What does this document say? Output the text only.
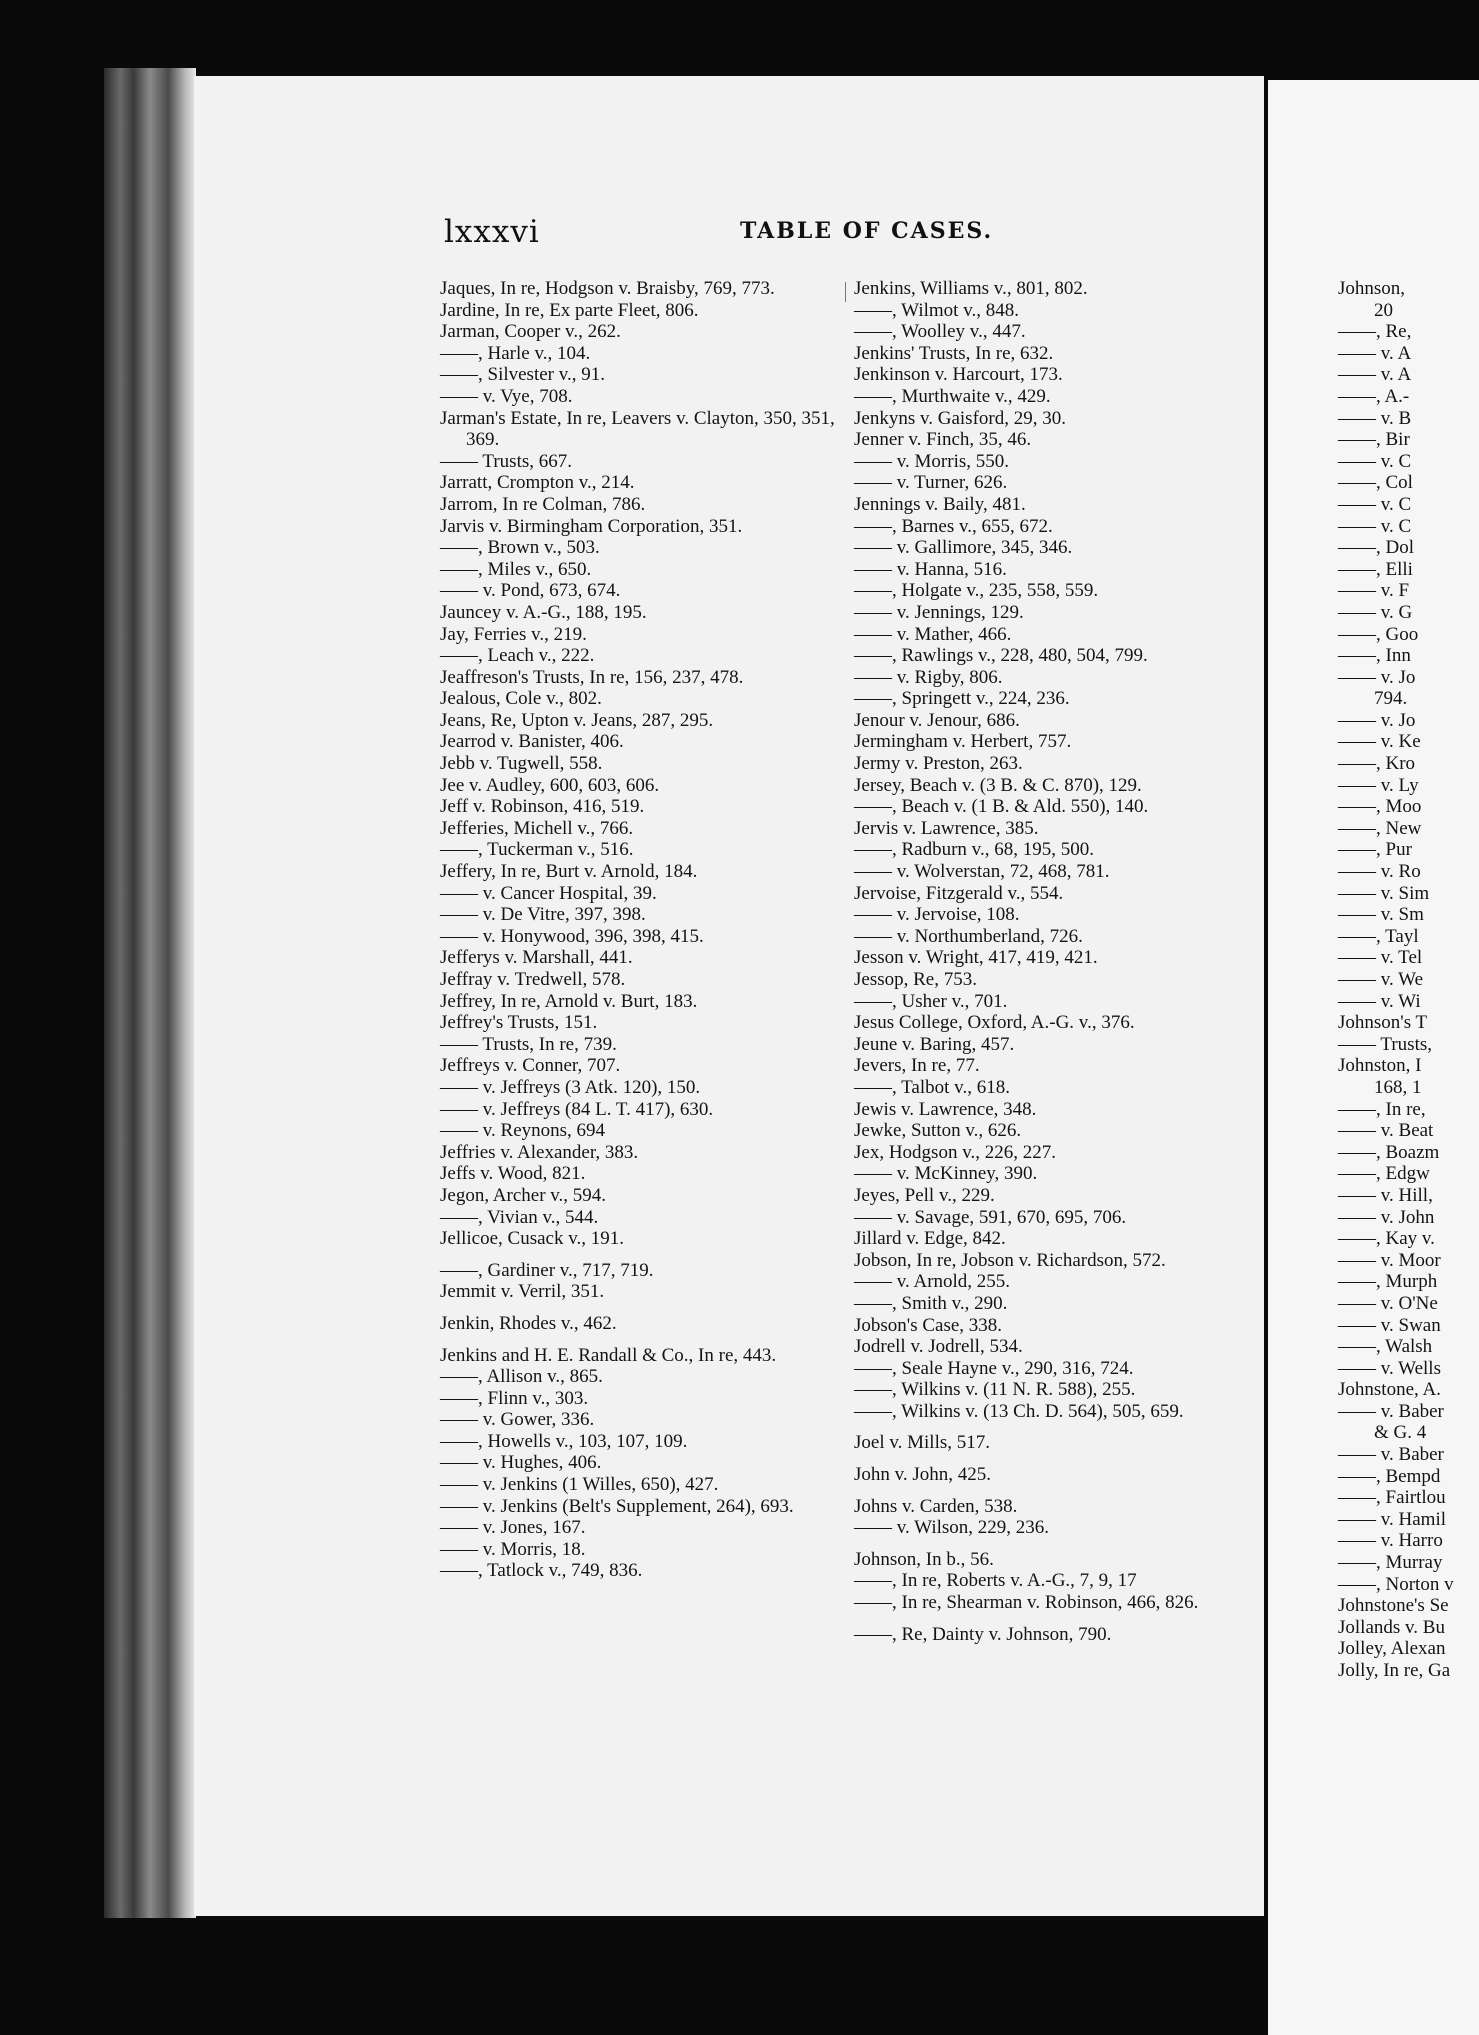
lxxxvi	TABLE OF CASES.
Jaques, In re, Hodgson v. Braisby, 769, 773.
Jardine, In re, Ex parte Fleet, 806.
Jarman, Cooper v., 262.
——, Harle v., 104.
——, Silvester v., 91.
—— v. Vye, 708.
Jarman's Estate, In re, Leavers v. Clayton, 350, 351, 369.
—— Trusts, 667.
Jarratt, Crompton v., 214.
Jarrom, In re Colman, 786.
Jarvis v. Birmingham Corporation, 351.
——, Brown v., 503.
——, Miles v., 650.
—— v. Pond, 673, 674.
Jauncey v. A.-G., 188, 195.
Jay, Ferries v., 219.
——, Leach v., 222.
Jeaffreson's Trusts, In re, 156, 237, 478.
Jealous, Cole v., 802.
Jeans, Re, Upton v. Jeans, 287, 295.
Jearrod v. Banister, 406.
Jebb v. Tugwell, 558.
Jee v. Audley, 600, 603, 606.
Jeff v. Robinson, 416, 519.
Jefferies, Michell v., 766.
——, Tuckerman v., 516.
Jeffery, In re, Burt v. Arnold, 184.
—— v. Cancer Hospital, 39.
—— v. De Vitre, 397, 398.
—— v. Honywood, 396, 398, 415.
Jefferys v. Marshall, 441.
Jeffray v. Tredwell, 578.
Jeffrey, In re, Arnold v. Burt, 183.
Jeffrey's Trusts, 151.
—— Trusts, In re, 739.
Jeffreys v. Conner, 707.
—— v. Jeffreys (3 Atk. 120), 150.
—— v. Jeffreys (84 L. T. 417), 630.
—— v. Reynons, 694
Jeffries v. Alexander, 383.
Jeffs v. Wood, 821.
Jegon, Archer v., 594.
——, Vivian v., 544.
Jellicoe, Cusack v., 191.
——, Gardiner v., 717, 719.
Jemmit v. Verril, 351.
Jenkin, Rhodes v., 462.
Jenkins and H. E. Randall & Co., In re, 443.
——, Allison v., 865.
——, Flinn v., 303.
—— v. Gower, 336.
——, Howells v., 103, 107, 109.
—— v. Hughes, 406.
—— v. Jenkins (1 Willes, 650), 427.
—— v. Jenkins (Belt's Supplement, 264), 693.
—— v. Jones, 167.
—— v. Morris, 18.
——, Tatlock v., 749, 836.
Jenkins, Williams v., 801, 802.
——, Wilmot v., 848.
——, Woolley v., 447.
Jenkins' Trusts, In re, 632.
Jenkinson v. Harcourt, 173.
——, Murthwaite v., 429.
Jenkyns v. Gaisford, 29, 30.
Jenner v. Finch, 35, 46.
—— v. Morris, 550.
—— v. Turner, 626.
Jennings v. Baily, 481.
——, Barnes v., 655, 672.
—— v. Gallimore, 345, 346.
—— v. Hanna, 516.
——, Holgate v., 235, 558, 559.
—— v. Jennings, 129.
—— v. Mather, 466.
——, Rawlings v., 228, 480, 504, 799.
—— v. Rigby, 806.
——, Springett v., 224, 236.
Jenour v. Jenour, 686.
Jermingham v. Herbert, 757.
Jermy v. Preston, 263.
Jersey, Beach v. (3 B. & C. 870), 129.
——, Beach v. (1 B. & Ald. 550), 140.
Jervis v. Lawrence, 385.
——, Radburn v., 68, 195, 500.
—— v. Wolverstan, 72, 468, 781.
Jervoise, Fitzgerald v., 554.
—— v. Jervoise, 108.
—— v. Northumberland, 726.
Jesson v. Wright, 417, 419, 421.
Jessop, Re, 753.
——, Usher v., 701.
Jesus College, Oxford, A.-G. v., 376.
Jeune v. Baring, 457.
Jevers, In re, 77.
——, Talbot v., 618.
Jewis v. Lawrence, 348.
Jewke, Sutton v., 626.
Jex, Hodgson v., 226, 227.
—— v. McKinney, 390.
Jeyes, Pell v., 229.
—— v. Savage, 591, 670, 695, 706.
Jillard v. Edge, 842.
Jobson, In re, Jobson v. Richardson, 572.
—— v. Arnold, 255.
——, Smith v., 290.
Jobson's Case, 338.
Jodrell v. Jodrell, 534.
——, Seale Hayne v., 290, 316, 724.
——, Wilkins v. (11 N. R. 588), 255.
——, Wilkins v. (13 Ch. D. 564), 505, 659.
Joel v. Mills, 517.
John v. John, 425.
Johns v. Carden, 538.
—— v. Wilson, 229, 236.
Johnson, In b., 56.
——, In re, Roberts v. A.-G., 7, 9, 17
——, In re, Shearman v. Robinson, 466, 826.
——, Re, Dainty v. Johnson, 790.
Johnson,
20
——, Re,
—— v. A
—— v. A
——, A.-
—— v. B
——, Bir
—— v. C
——, Col
—— v. C
—— v. C
——, Dol
——, Elli
—— v. F
—— v. G
——, Goo
——, Inn
—— v. Jo
794.
—— v. Jo
—— v. Ke
——, Kro
—— v. Ly
——, Moo
——, New
——, Pur
—— v. Ro
—— v. Sim
—— v. Sm
——, Tayl
—— v. Tel
—— v. We
—— v. Wi
Johnson's T
—— Trusts,
Johnston, I
168, 1
——, In re,
—— v. Beat
——, Boazm
——, Edgw
—— v. Hill,
—— v. John
——, Kay v.
—— v. Moor
——, Murph
—— v. O'Ne
—— v. Swan
——, Walsh
—— v. Wells
Johnstone, A.
—— v. Baber
& G. 4
—— v. Baber
——, Bempd
——, Fairtlou
—— v. Hamil
—— v. Harro
——, Murray
——, Norton v
Johnstone's Se
Jollands v. Bu
Jolley, Alexan
Jolly, In re, Ga
